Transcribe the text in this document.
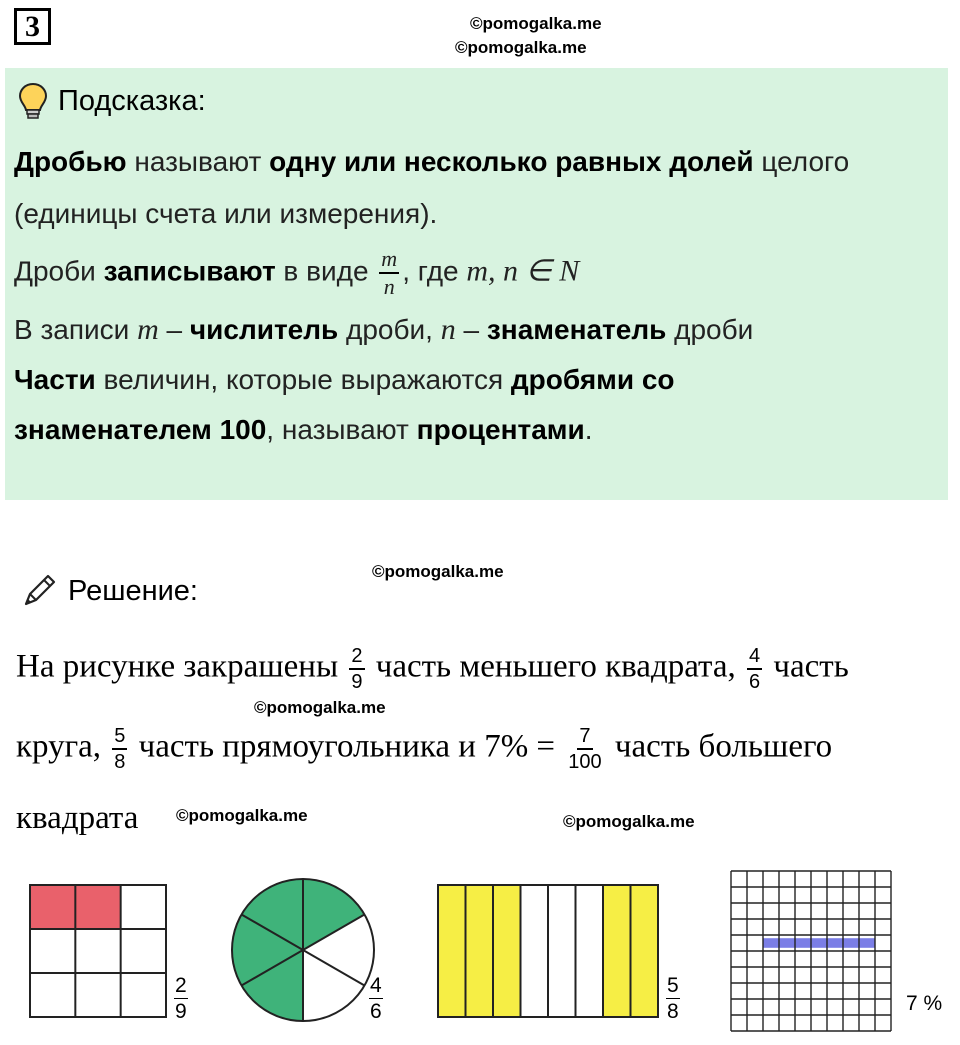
3	©pomogalka.me
©pomogalka.me
Подсказка:
Дробью называют одну или несколько равных долей целого
(единицы счета или измерения).
Дроби записывают в виде $\frac{m}{n}$ , где m, n ∈ N
В записи m – числитель дроби, n – знаменатель дроби
Части величин, которые выражаются дробями со
знаменателем 100, называют процентами.
Решение:
©pomogalka.me
На рисунке закрашены $\frac{2}{9}$ часть меньшего квадрата, $\frac{4}{6}$ часть
©pomogalka.me
круга, $\frac{5}{8}$ часть прямоугольника и $7\% = \frac{7}{100}$ часть большего
квадрата ©pomogalka.me	©pomogalka.me
$\frac{2}{9}$	$\frac{4}{6}$	$\frac{5}{8}$	7 %
